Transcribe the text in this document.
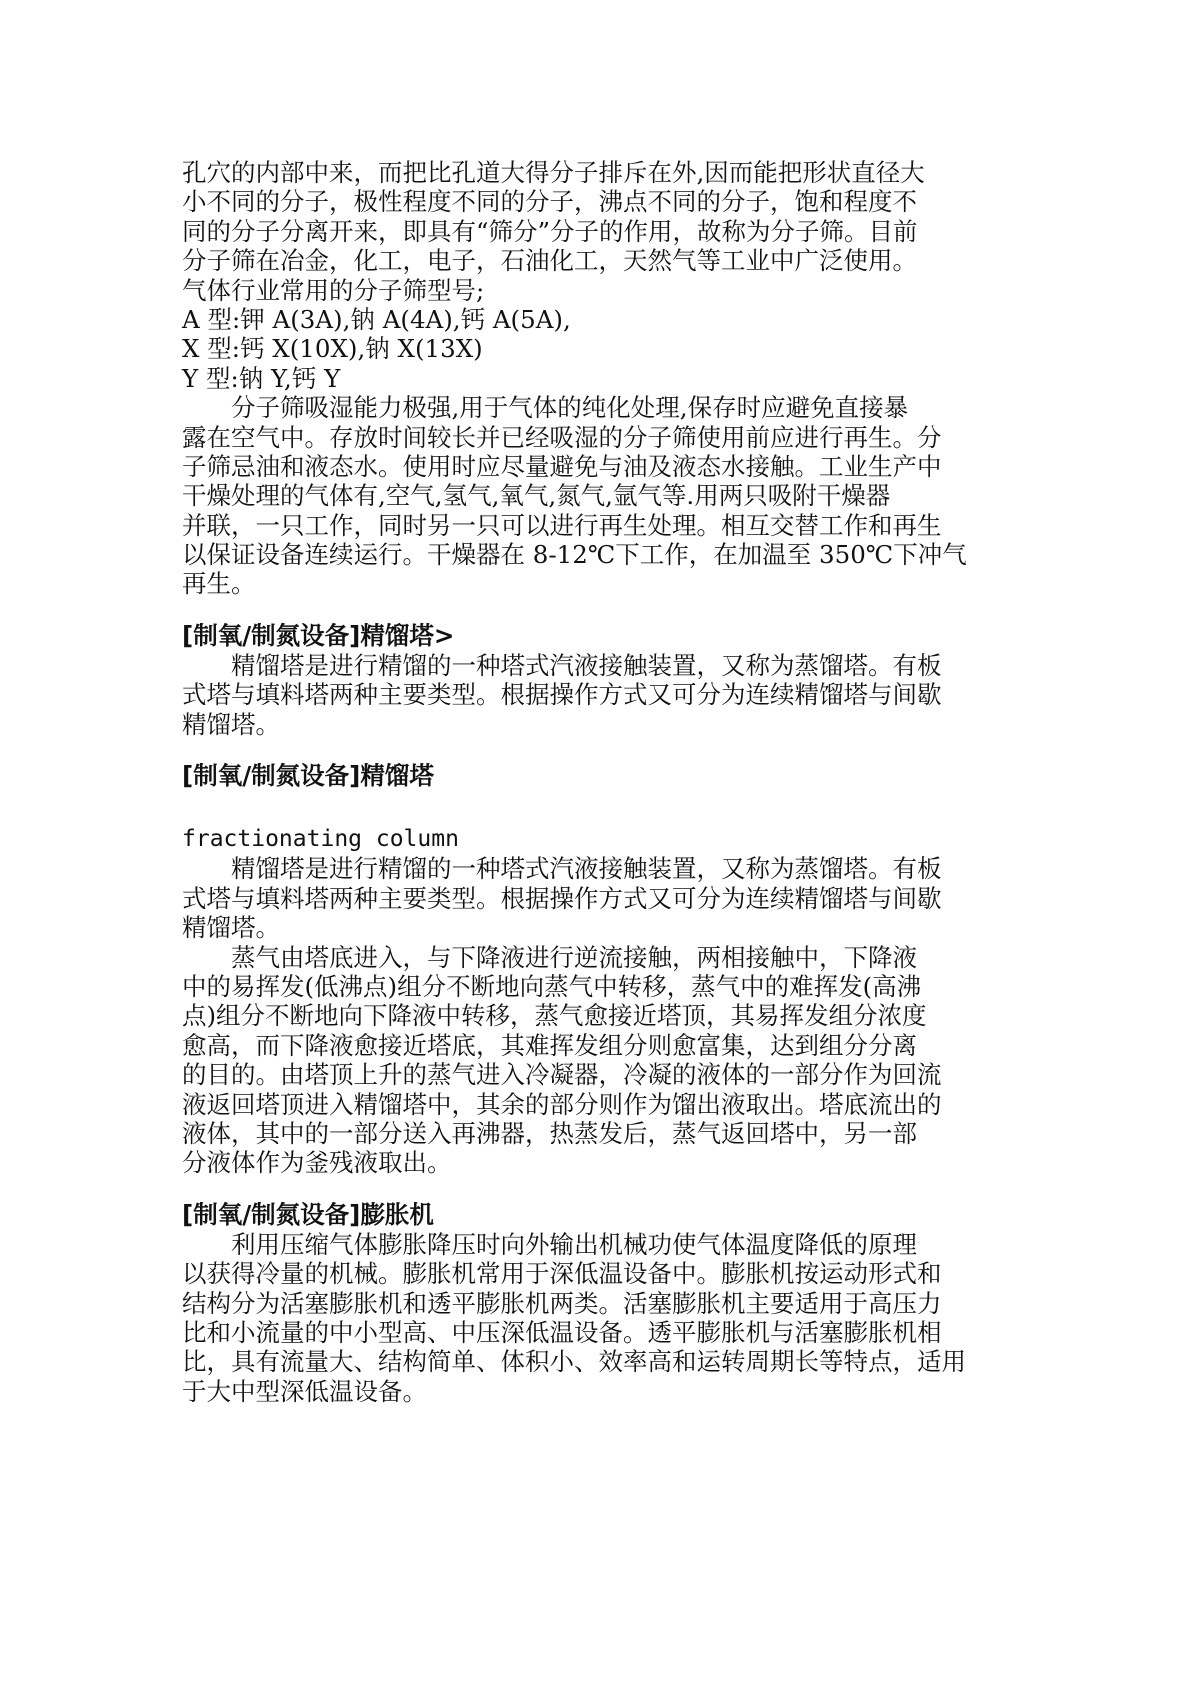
孔穴的内部中来，而把比孔道大得分子排斥在外,因而能把形状直径大
小不同的分子，极性程度不同的分子，沸点不同的分子，饱和程度不
同的分子分离开来，即具有“筛分”分子的作用，故称为分子筛。目前
分子筛在冶金，化工，电子，石油化工，天然气等工业中广泛使用。
气体行业常用的分子筛型号;
A 型:钾 A(3A),钠 A(4A),钙 A(5A),
X 型:钙 X(10X),钠 X(13X)
Y 型:钠 Y,钙 Y
分子筛吸湿能力极强,用于气体的纯化处理,保存时应避免直接暴
露在空气中。存放时间较长并已经吸湿的分子筛使用前应进行再生。分
子筛忌油和液态水。使用时应尽量避免与油及液态水接触。工业生产中
干燥处理的气体有,空气,氢气,氧气,氮气,氩气等.用两只吸附干燥器
并联，一只工作，同时另一只可以进行再生处理。相互交替工作和再生
以保证设备连续运行。干燥器在 8-12℃下工作，在加温至 350℃下冲气
再生。
[制氧/制氮设备]精馏塔>
精馏塔是进行精馏的一种塔式汽液接触装置，又称为蒸馏塔。有板
式塔与填料塔两种主要类型。根据操作方式又可分为连续精馏塔与间歇
精馏塔。
[制氧/制氮设备]精馏塔
fractionating column
精馏塔是进行精馏的一种塔式汽液接触装置，又称为蒸馏塔。有板
式塔与填料塔两种主要类型。根据操作方式又可分为连续精馏塔与间歇
精馏塔。
蒸气由塔底进入，与下降液进行逆流接触，两相接触中，下降液
中的易挥发(低沸点)组分不断地向蒸气中转移，蒸气中的难挥发(高沸
点)组分不断地向下降液中转移，蒸气愈接近塔顶，其易挥发组分浓度
愈高，而下降液愈接近塔底，其难挥发组分则愈富集，达到组分分离
的目的。由塔顶上升的蒸气进入冷凝器，冷凝的液体的一部分作为回流
液返回塔顶进入精馏塔中，其余的部分则作为馏出液取出。塔底流出的
液体，其中的一部分送入再沸器，热蒸发后，蒸气返回塔中，另一部
分液体作为釜残液取出。
[制氧/制氮设备]膨胀机
利用压缩气体膨胀降压时向外输出机械功使气体温度降低的原理
以获得冷量的机械。膨胀机常用于深低温设备中。膨胀机按运动形式和
结构分为活塞膨胀机和透平膨胀机两类。活塞膨胀机主要适用于高压力
比和小流量的中小型高、中压深低温设备。透平膨胀机与活塞膨胀机相
比，具有流量大、结构简单、体积小、效率高和运转周期长等特点，适用
于大中型深低温设备。
